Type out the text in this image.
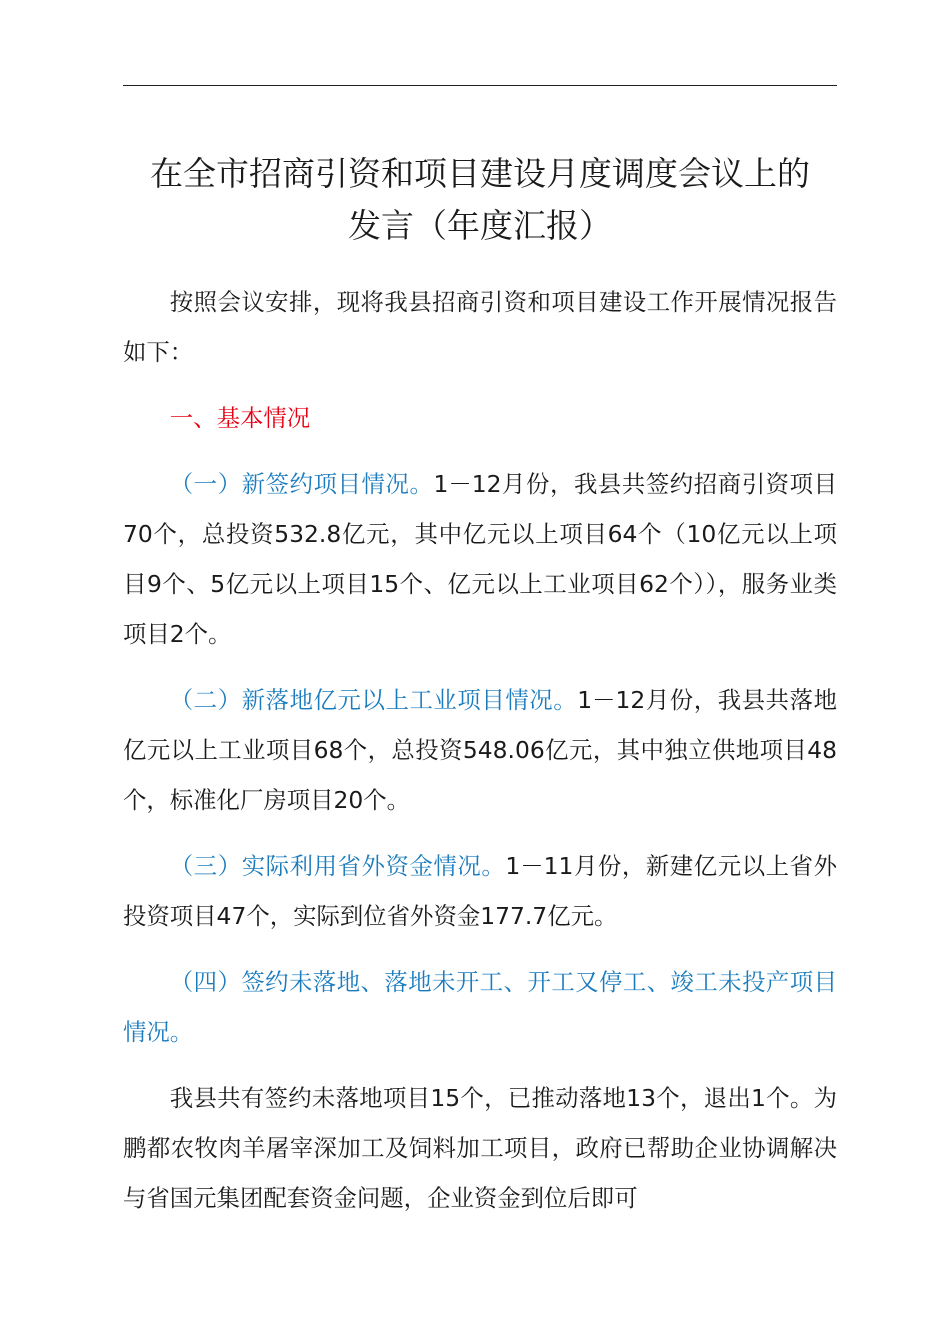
在全市招商引资和项目建设月度调度会议上的
发言（年度汇报）

按照会议安排，现将我县招商引资和项目建设工作开展情况报告如下：

一、基本情况

（一）新签约项目情况。1－12月份，我县共签约招商引资项目70个，总投资532.8亿元，其中亿元以上项目64个（10亿元以上项目9个、5亿元以上项目15个、亿元以上工业项目62个）），服务业类项目2个。

（二）新落地亿元以上工业项目情况。1－12月份，我县共落地亿元以上工业项目68个，总投资548.06亿元，其中独立供地项目48个，标准化厂房项目20个。

（三）实际利用省外资金情况。1－11月份，新建亿元以上省外投资项目47个，实际到位省外资金177.7亿元。

（四）签约未落地、落地未开工、开工又停工、竣工未投产项目情况。

我县共有签约未落地项目15个，已推动落地13个，退出1个。为鹏都农牧肉羊屠宰深加工及饲料加工项目，政府已帮助企业协调解决与省国元集团配套资金问题，企业资金到位后即可
